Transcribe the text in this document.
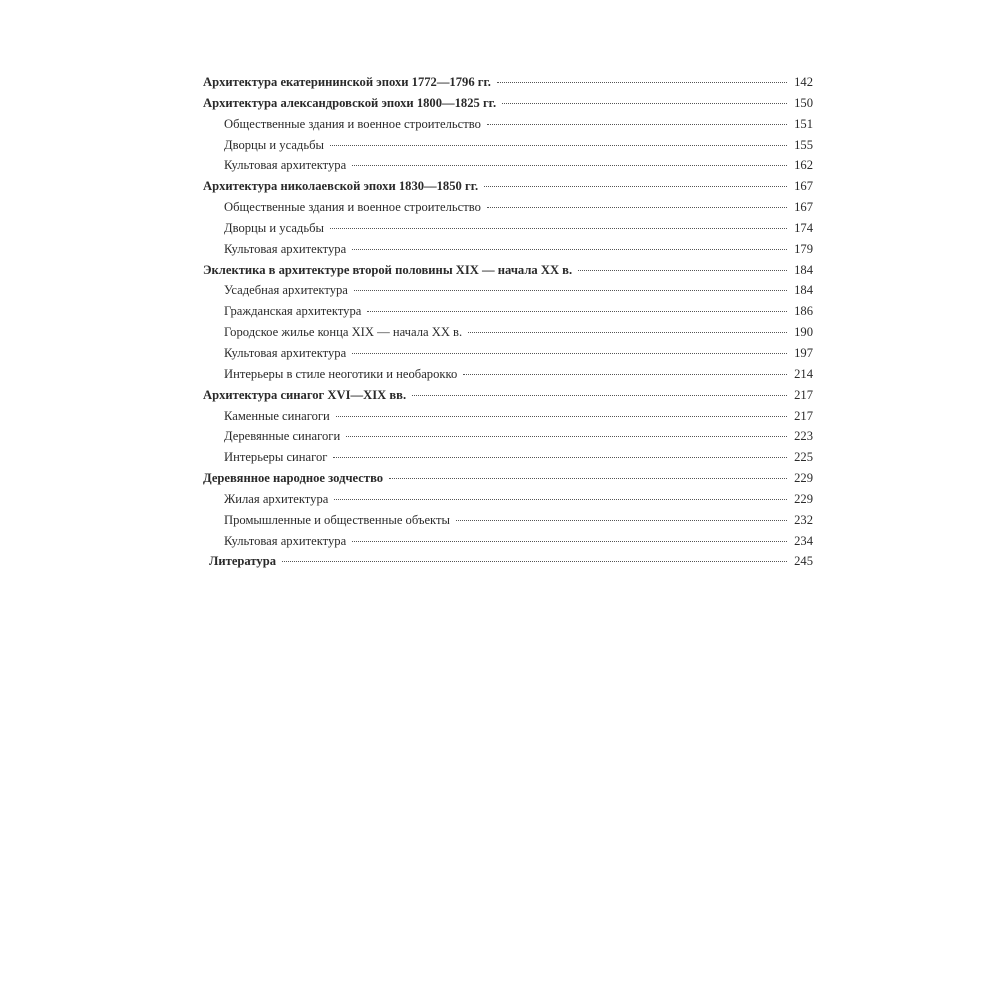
Архитектура екатерининской эпохи 1772—1796 гг.	142
Архитектура александровской эпохи 1800—1825 гг.	150
Общественные здания и военное строительство	151
Дворцы и усадьбы	155
Культовая архитектура	162
Архитектура николаевской эпохи 1830—1850 гг.	167
Общественные здания и военное строительство	167
Дворцы и усадьбы	174
Культовая архитектура	179
Эклектика в архитектуре второй половины XIX — начала XX в.	184
Усадебная архитектура	184
Гражданская архитектура	186
Городское жилье конца XIX — начала XX в.	190
Культовая архитектура	197
Интерьеры в стиле неоготики и необарокко	214
Архитектура синагог XVI—XIX вв.	217
Каменные синагоги	217
Деревянные синагоги	223
Интерьеры синагог	225
Деревянное народное зодчество	229
Жилая архитектура	229
Промышленные и общественные объекты	232
Культовая архитектура	234
Литература	245
